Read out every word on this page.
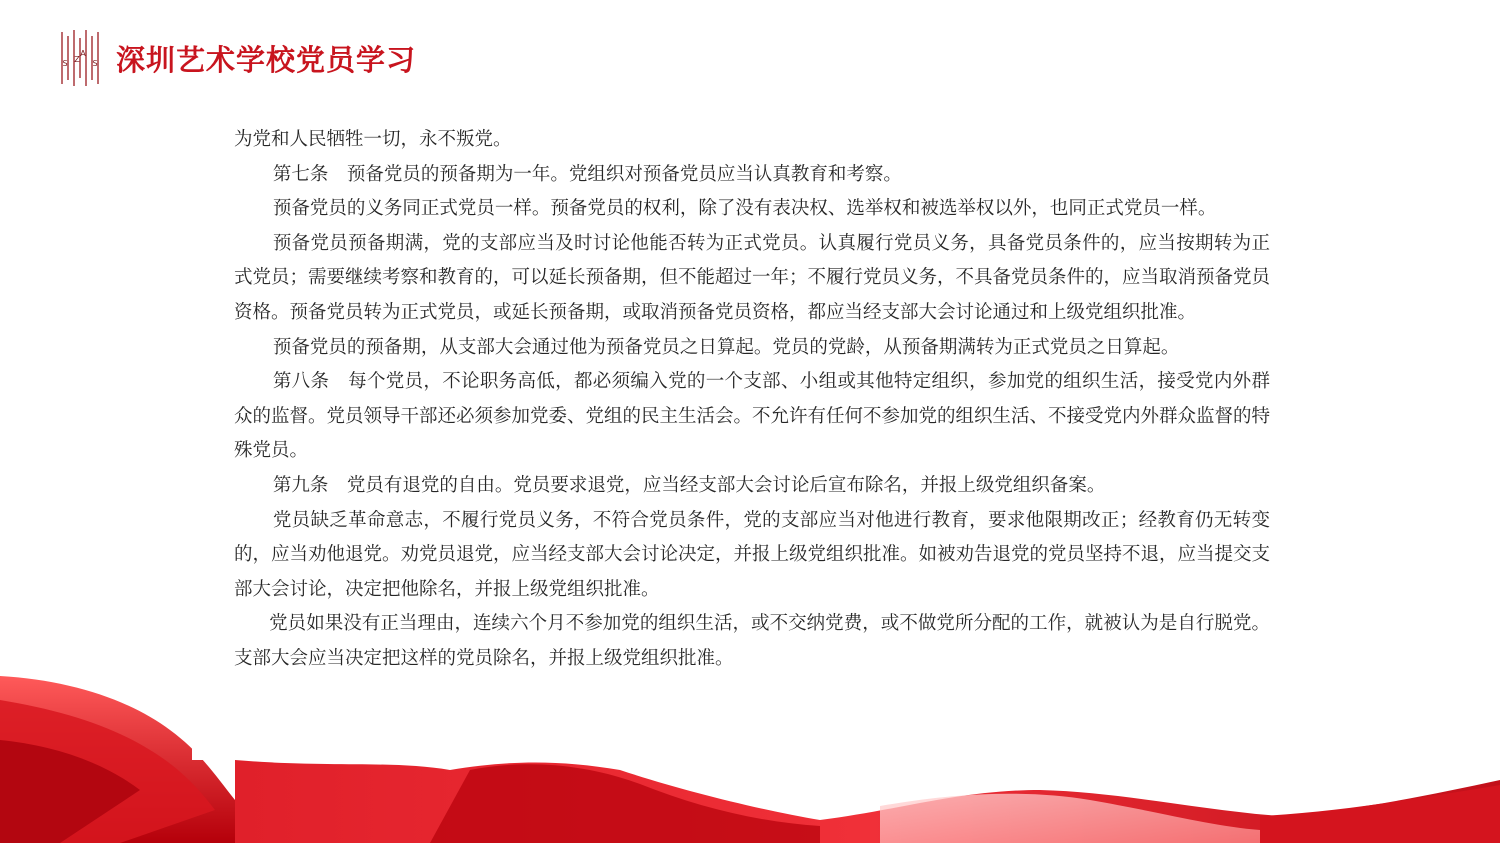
S Z
A
S 深圳艺术学校党员学习

为党和人民牺牲一切，永不叛党。

第七条　预备党员的预备期为一年。党组织对预备党员应当认真教育和考察。

预备党员的义务同正式党员一样。预备党员的权利，除了没有表决权、选举权和被选举权以外，也同正式党员一样。

预备党员预备期满，党的支部应当及时讨论他能否转为正式党员。认真履行党员义务，具备党员条件的，应当按期转为正式党员；需要继续考察和教育的，可以延长预备期，但不能超过一年；不履行党员义务，不具备党员条件的，应当取消预备党员资格。预备党员转为正式党员，或延长预备期，或取消预备党员资格，都应当经支部大会讨论通过和上级党组织批准。

预备党员的预备期，从支部大会通过他为预备党员之日算起。党员的党龄，从预备期满转为正式党员之日算起。

第八条　每个党员，不论职务高低，都必须编入党的一个支部、小组或其他特定组织，参加党的组织生活，接受党内外群众的监督。党员领导干部还必须参加党委、党组的民主生活会。不允许有任何不参加党的组织生活、不接受党内外群众监督的特殊党员。

第九条　党员有退党的自由。党员要求退党，应当经支部大会讨论后宣布除名，并报上级党组织备案。

党员缺乏革命意志，不履行党员义务，不符合党员条件，党的支部应当对他进行教育，要求他限期改正；经教育仍无转变的，应当劝他退党。劝党员退党，应当经支部大会讨论决定，并报上级党组织批准。如被劝告退党的党员坚持不退，应当提交支部大会讨论，决定把他除名，并报上级党组织批准。

党员如果没有正当理由，连续六个月不参加党的组织生活，或不交纳党费，或不做党所分配的工作，就被认为是自行脱党。支部大会应当决定把这样的党员除名，并报上级党组织批准。
